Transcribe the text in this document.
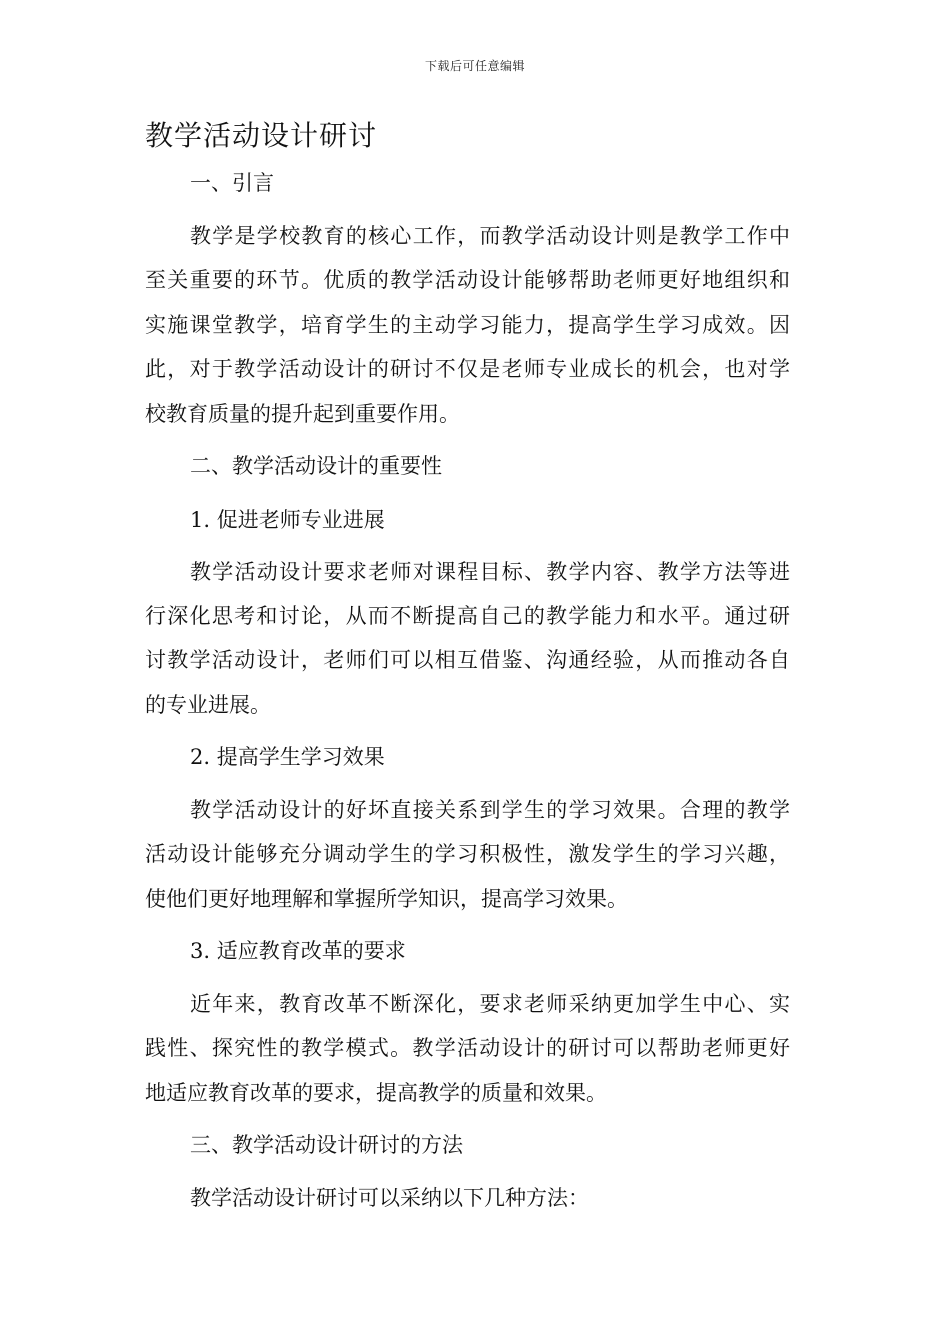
下载后可任意编辑
教学活动设计研讨

一、引言

教学是学校教育的核心工作，而教学活动设计则是教学工作中

至关重要的环节。优质的教学活动设计能够帮助老师更好地组织和

实施课堂教学，培育学生的主动学习能力，提高学生学习成效。因

此，对于教学活动设计的研讨不仅是老师专业成长的机会，也对学

校教育质量的提升起到重要作用。

二、教学活动设计的重要性

1. 促进老师专业进展

教学活动设计要求老师对课程目标、教学内容、教学方法等进

行深化思考和讨论，从而不断提高自己的教学能力和水平。通过研

讨教学活动设计，老师们可以相互借鉴、沟通经验，从而推动各自

的专业进展。

2. 提高学生学习效果

教学活动设计的好坏直接关系到学生的学习效果。合理的教学

活动设计能够充分调动学生的学习积极性，激发学生的学习兴趣，

使他们更好地理解和掌握所学知识，提高学习效果。

3. 适应教育改革的要求

近年来，教育改革不断深化，要求老师采纳更加学生中心、实

践性、探究性的教学模式。教学活动设计的研讨可以帮助老师更好

地适应教育改革的要求，提高教学的质量和效果。

三、教学活动设计研讨的方法

教学活动设计研讨可以采纳以下几种方法：
